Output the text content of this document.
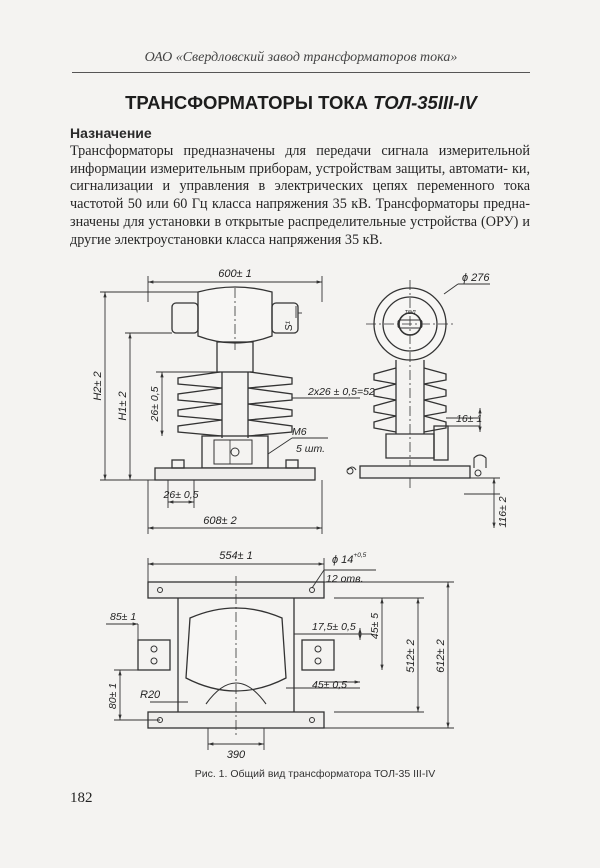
ОАО «Свердловский завод трансформаторов тока»
ТРАНСФОРМАТОРЫ ТОКА ТОЛ-35III-IV
Назначение

Трансформаторы предназначены для передачи сигнала измерительной информации измерительным приборам, устройствам защиты, автомати- ки, сигнализации и управления в электрических цепях переменного тока частотой 50 или 60 Гц класса напряжения 35 кВ. Трансформаторы предна- значены для установки в открытые распределительные устройства (ОРУ) и другие электроустановки класса напряжения 35 кВ.

600± 1
H2± 2
H1± 2 26± 0,5
S¹
2х26 ± 0,5=52
М6
5 шт.
26± 0,5
608± 2
ϕ 276
ТОЛ
16± 1
116± 2
554± 1	ϕ $14^{+0,5}$
12 отв.
85± 1
17,5± 0,5 45± 5
512± 2 612± 2
R20
45± 0,5
80± 1
390
Рис. 1. Общий вид трансформатора ТОЛ-35 III-IV
182
